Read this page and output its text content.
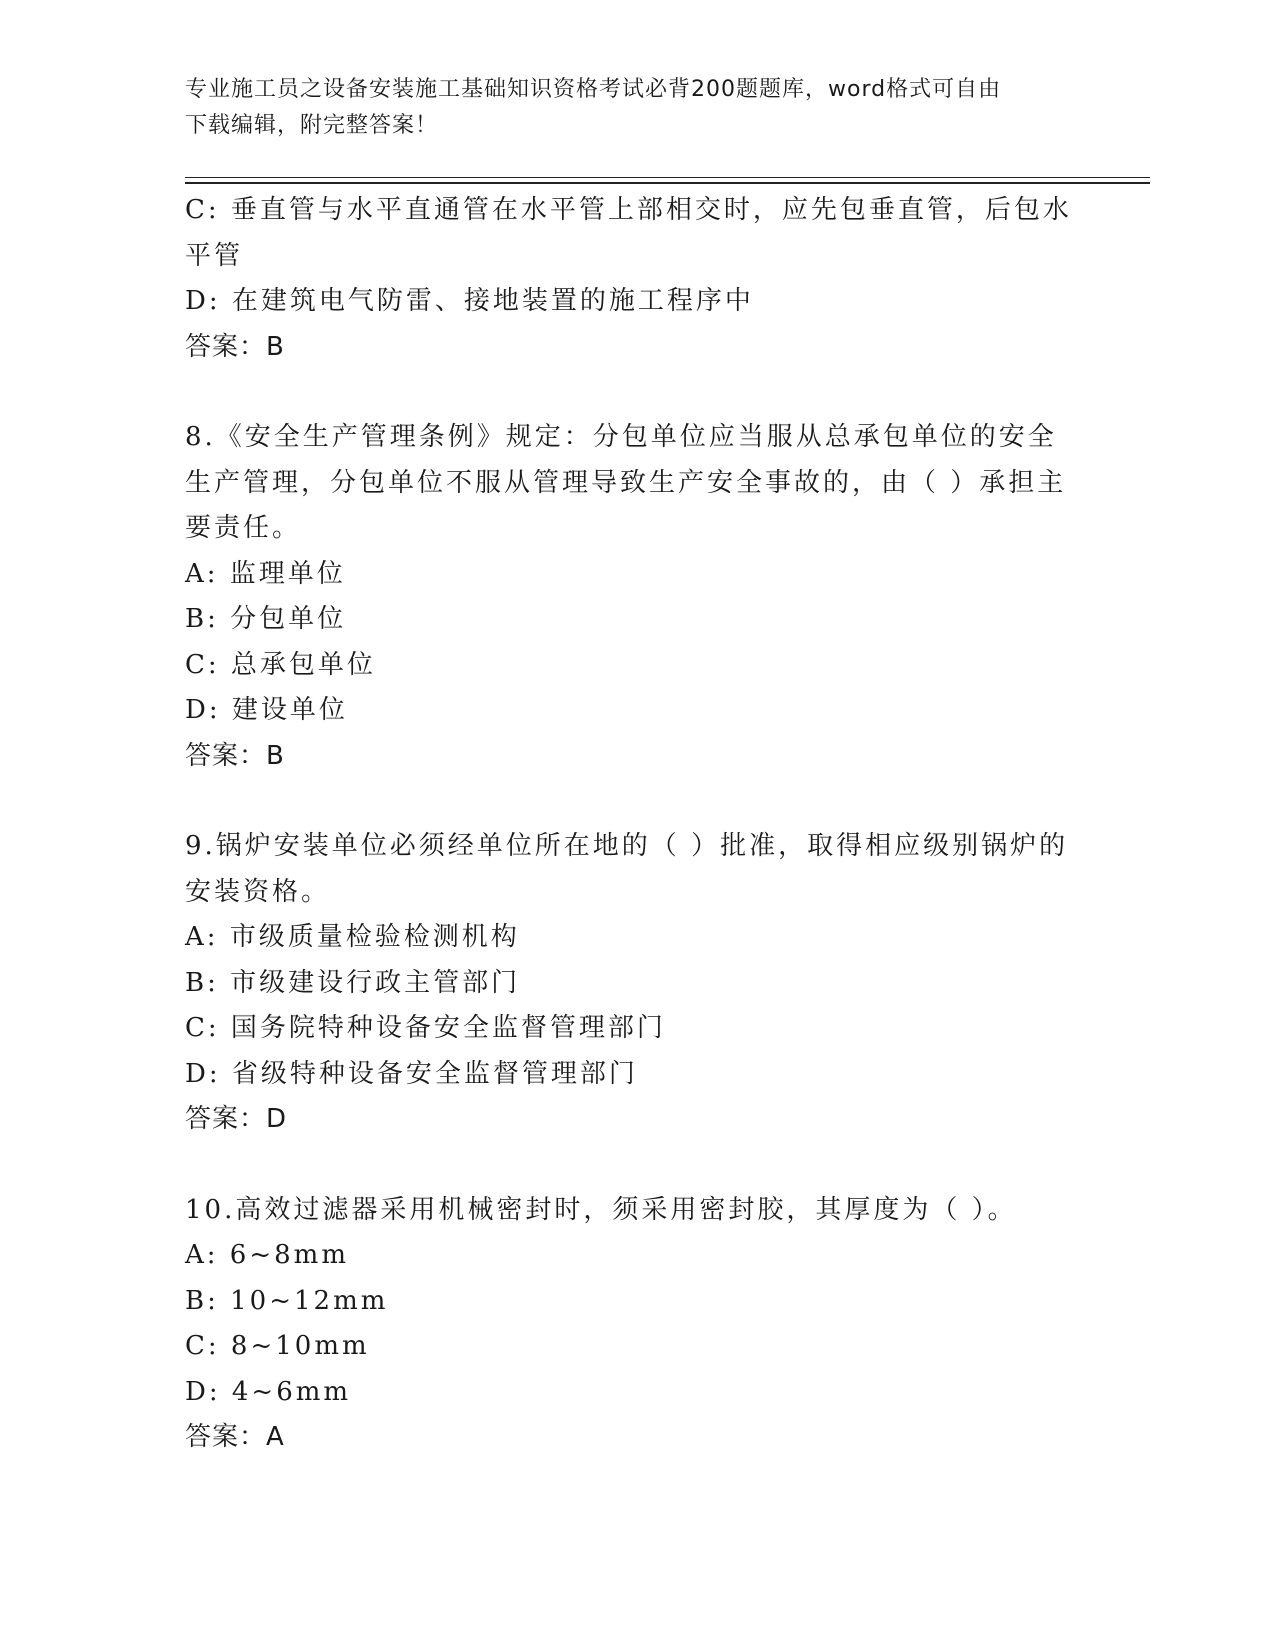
专业施工员之设备安装施工基础知识资格考试必背200题题库，word格式可自由
下载编辑，附完整答案！

C: 垂直管与水平直通管在水平管上部相交时，应先包垂直管，后包水

平管

D: 在建筑电气防雷、接地装置的施工程序中

答案：B

8.《安全生产管理条例》规定：分包单位应当服从总承包单位的安全

生产管理，分包单位不服从管理导致生产安全事故的，由（ ）承担主

要责任。

A: 监理单位

B: 分包单位

C: 总承包单位

D: 建设单位

答案：B

9.锅炉安装单位必须经单位所在地的（ ）批准，取得相应级别锅炉的

安装资格。

A: 市级质量检验检测机构

B: 市级建设行政主管部门

C: 国务院特种设备安全监督管理部门

D: 省级特种设备安全监督管理部门

答案：D

10.高效过滤器采用机械密封时，须采用密封胶，其厚度为（ ）。

A: 6~8mm

B: 10~12mm

C: 8~10mm

D: 4~6mm

答案：A
